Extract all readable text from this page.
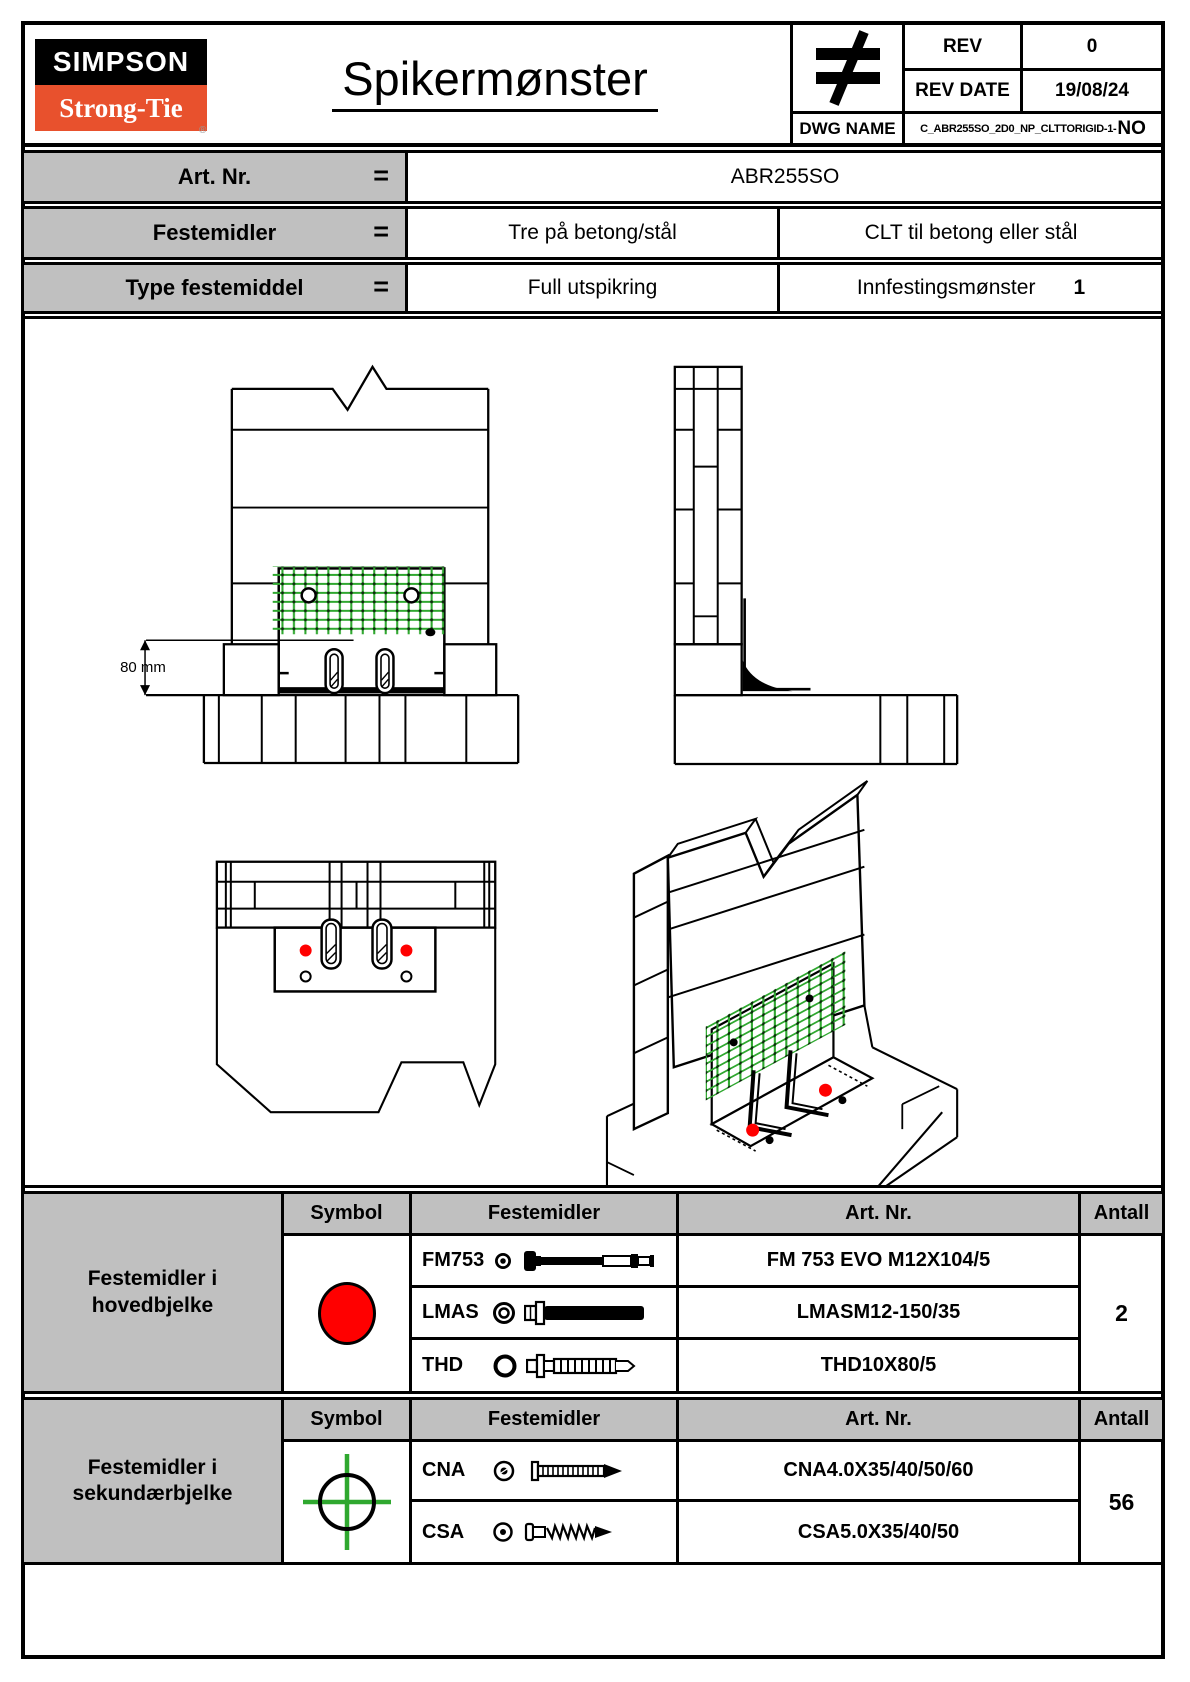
SIMPSON
Strong-Tie
®
Spikermønster
REV	0
REV DATE	19/08/24
DWG NAME	C_ABR255SO_2D0_NP_CLTTORIGID-1- NO
Art. Nr.	=	ABR255SO
Festemidler	=	Tre på betong/stål	CLT til betong eller stål
Type festemiddel	=	Full utspikring	Innfestingsmønster 1
80 mm
Festemidler i
hovedbjelke
Symbol	Festemidler	Art. Nr.	Antall
2
FM753	FM 753 EVO M12X104/5
LMAS	LMASM12-150/35
THD	THD10X80/5
Festemidler i
sekundærbjelke
Symbol	Festemidler	Art. Nr.	Antall
56
CNA	CNA4.0X35/40/50/60
CSA	CSA5.0X35/40/50
